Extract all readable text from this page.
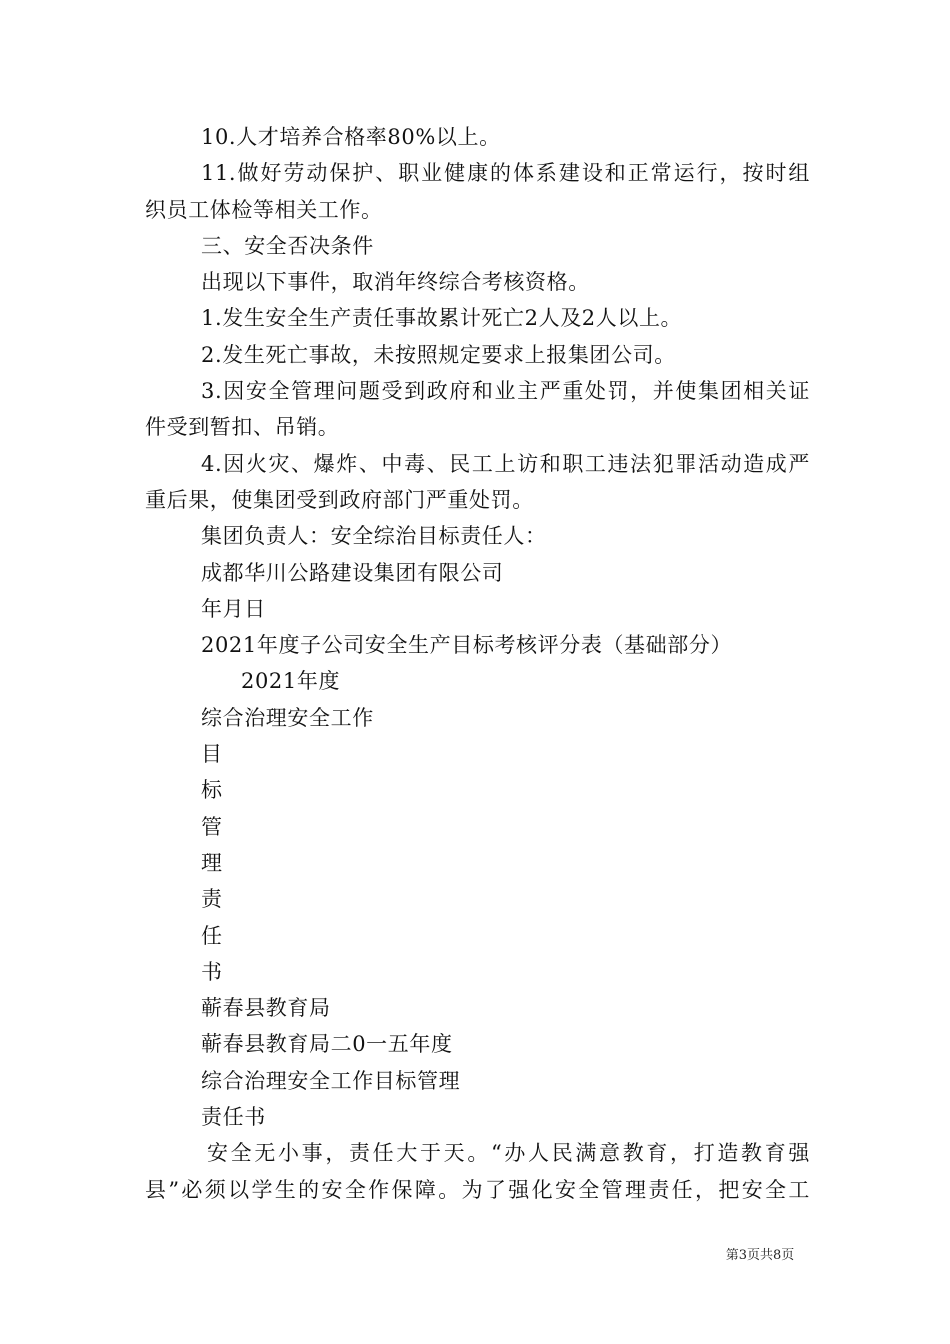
10.人才培养合格率80%以上。
11.做好劳动保护、职业健康的体系建设和正常运行，按时组
织员工体检等相关工作。
三、安全否决条件
出现以下事件，取消年终综合考核资格。
1.发生安全生产责任事故累计死亡2人及2人以上。
2.发生死亡事故，未按照规定要求上报集团公司。
3.因安全管理问题受到政府和业主严重处罚，并使集团相关证
件受到暂扣、吊销。
4.因火灾、爆炸、中毒、民工上访和职工违法犯罪活动造成严
重后果，使集团受到政府部门严重处罚。
集团负责人：安全综治目标责任人：
成都华川公路建设集团有限公司
年月日
2021年度子公司安全生产目标考核评分表（基础部分）
2021年度
综合治理安全工作
目
标
管
理
责
任
书
蕲春县教育局
蕲春县教育局二0一五年度
综合治理安全工作目标管理
责任书
安全无小事，责任大于天。“办人民满意教育，打造教育强
县”必须以学生的安全作保障。为了强化安全管理责任，把安全工
第3页共8页
